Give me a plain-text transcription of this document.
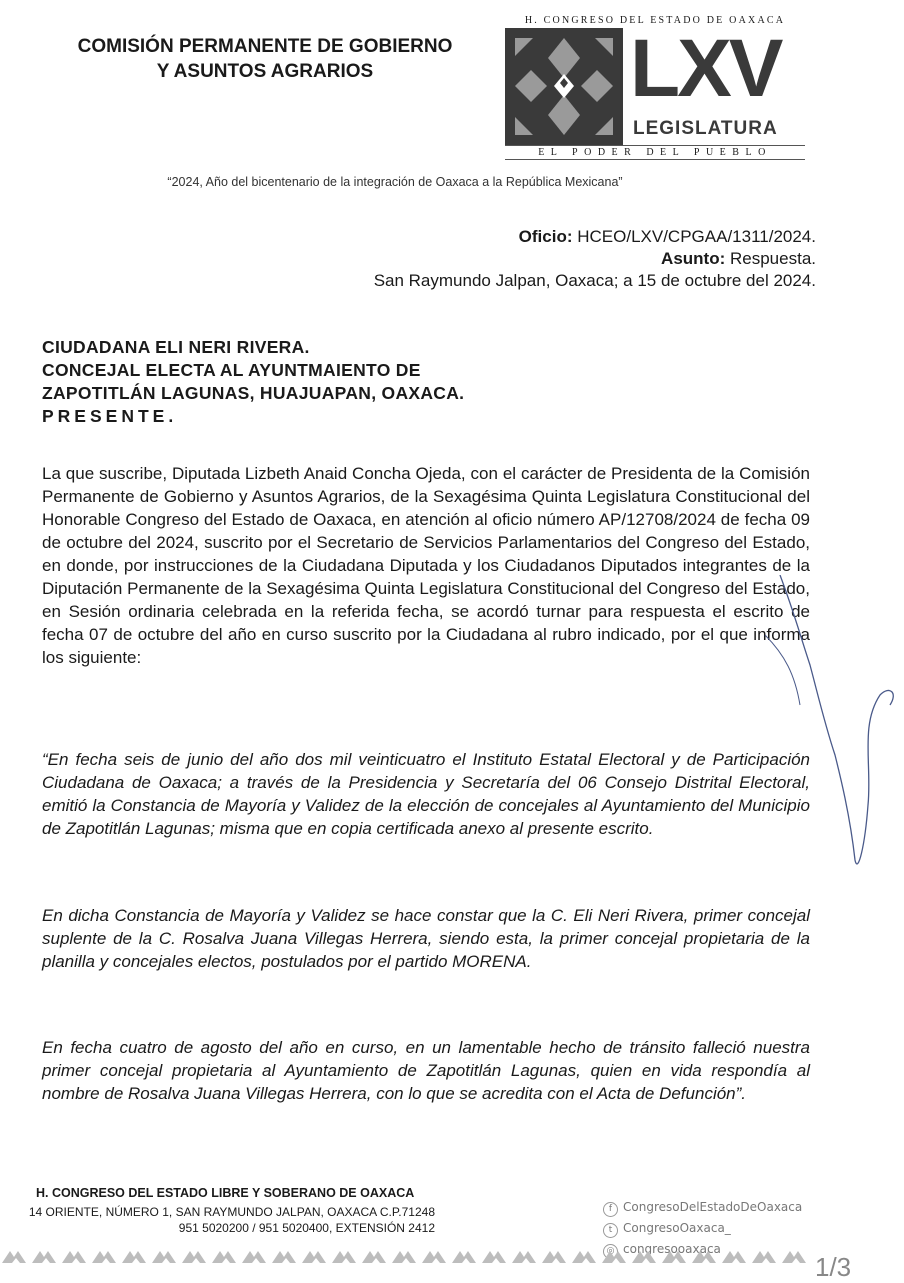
COMISIÓN PERMANENTE DE GOBIERNO
Y ASUNTOS AGRARIOS
H. CONGRESO DEL ESTADO DE OAXACA
LXV
LEGISLATURA
EL PODER DEL PUEBLO
“2024, Año del bicentenario de la integración de Oaxaca a la República Mexicana”
Oficio: HCEO/LXV/CPGAA/1311/2024.
Asunto: Respuesta.
San Raymundo Jalpan, Oaxaca; a 15 de octubre del 2024.
CIUDADANA ELI NERI RIVERA.
CONCEJAL ELECTA AL AYUNTMAIENTO DE
ZAPOTITLÁN LAGUNAS, HUAJUAPAN, OAXACA.
PRESENTE.
La que suscribe, Diputada Lizbeth Anaid Concha Ojeda, con el carácter de Presidenta de la Comisión Permanente de Gobierno y Asuntos Agrarios, de la Sexagésima Quinta Legislatura Constitucional del Honorable Congreso del Estado de Oaxaca, en atención al oficio número AP/12708/2024 de fecha 09 de octubre del 2024, suscrito por el Secretario de Servicios Parlamentarios del Congreso del Estado, en donde, por instrucciones de la Ciudadana Diputada y los Ciudadanos Diputados integrantes de la Diputación Permanente de la Sexagésima Quinta Legislatura Constitucional del Congreso del Estado, en Sesión ordinaria celebrada en la referida fecha, se acordó turnar para respuesta el escrito de fecha 07 de octubre del año en curso suscrito por la Ciudadana al rubro indicado, por el que informa los siguiente:
“En fecha seis de junio del año dos mil veinticuatro el Instituto Estatal Electoral y de Participación Ciudadana de Oaxaca; a través de la Presidencia y Secretaría del 06 Consejo Distrital Electoral, emitió la Constancia de Mayoría y Validez de la elección de concejales al Ayuntamiento del Municipio de Zapotitlán Lagunas; misma que en copia certificada anexo al presente escrito.
En dicha Constancia de Mayoría y Validez se hace constar que la C. Eli Neri Rivera, primer concejal suplente de la C. Rosalva Juana Villegas Herrera, siendo esta, la primer concejal propietaria de la planilla y concejales electos, postulados por el partido MORENA.
En fecha cuatro de agosto del año en curso, en un lamentable hecho de tránsito falleció nuestra primer concejal propietaria al Ayuntamiento de Zapotitlán Lagunas, quien en vida respondía al nombre de Rosalva Juana Villegas Herrera, con lo que se acredita con el Acta de Defunción”.
H. CONGRESO DEL ESTADO LIBRE Y SOBERANO DE OAXACA
14 ORIENTE, NÚMERO 1, SAN RAYMUNDO JALPAN, OAXACA C.P.71248
951 5020200 / 951 5020400, EXTENSIÓN 2412
f CongresoDelEstadoDeOaxaca
t CongresoOaxaca_
1/3
